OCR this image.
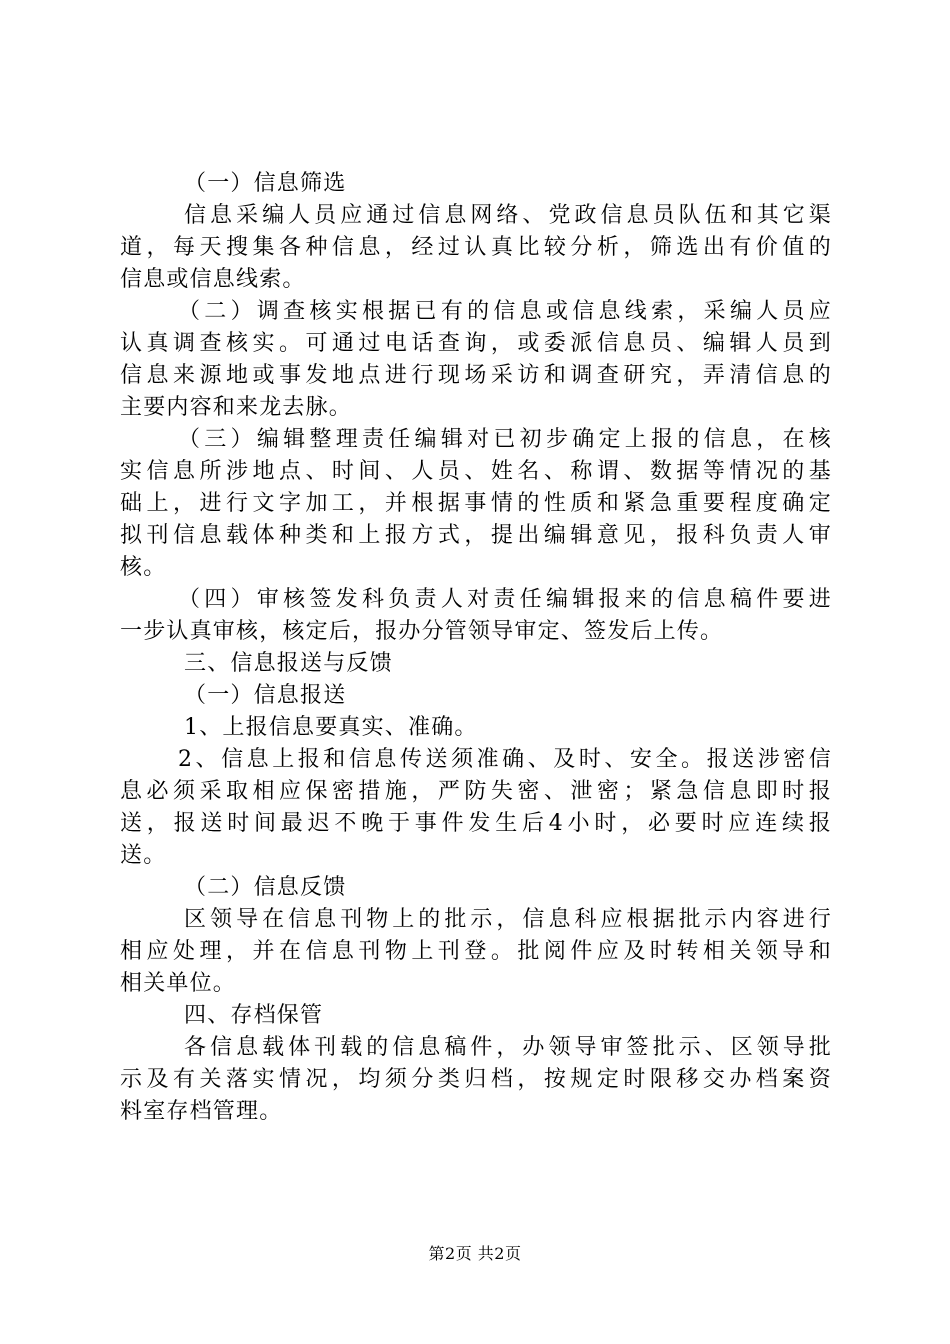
（一）信息筛选
信息采编人员应通过信息网络、党政信息员队伍和其它渠
道，每天搜集各种信息，经过认真比较分析，筛选出有价值的
信息或信息线索。
（二）调查核实根据已有的信息或信息线索，采编人员应
认真调查核实。可通过电话查询，或委派信息员、编辑人员到
信息来源地或事发地点进行现场采访和调查研究，弄清信息的
主要内容和来龙去脉。
（三）编辑整理责任编辑对已初步确定上报的信息，在核
实信息所涉地点、时间、人员、姓名、称谓、数据等情况的基
础上，进行文字加工，并根据事情的性质和紧急重要程度确定
拟刊信息载体种类和上报方式，提出编辑意见，报科负责人审
核。
（四）审核签发科负责人对责任编辑报来的信息稿件要进
一步认真审核，核定后，报办分管领导审定、签发后上传。
三、信息报送与反馈
（一）信息报送
1、上报信息要真实、准确。
2、信息上报和信息传送须准确、及时、安全。报送涉密信
息必须采取相应保密措施，严防失密、泄密；紧急信息即时报
送，报送时间最迟不晚于事件发生后4小时，必要时应连续报
送。
（二）信息反馈
区领导在信息刊物上的批示，信息科应根据批示内容进行
相应处理，并在信息刊物上刊登。批阅件应及时转相关领导和
相关单位。
四、存档保管
各信息载体刊载的信息稿件，办领导审签批示、区领导批
示及有关落实情况，均须分类归档，按规定时限移交办档案资
料室存档管理。
第2页 共2页
